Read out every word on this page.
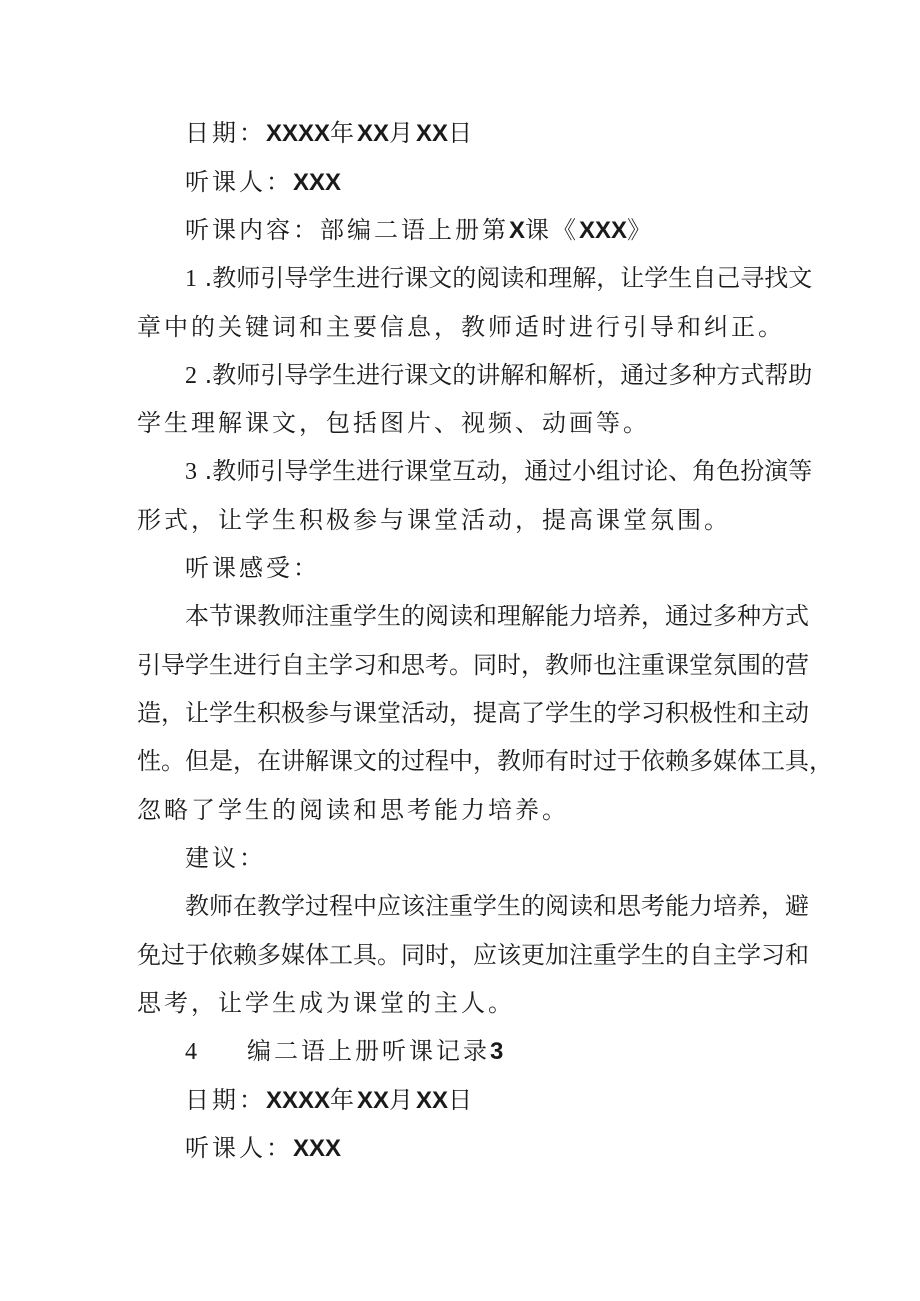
日期：XXXX年XX月XX日
听课人：XXX
听课内容：部编二语上册第X课《XXX》
1 .教师引导学生进行课文的阅读和理解，让学生自己寻找文
章中的关键词和主要信息，教师适时进行引导和纠正。
2 .教师引导学生进行课文的讲解和解析，通过多种方式帮助
学生理解课文，包括图片、视频、动画等。
3 .教师引导学生进行课堂互动，通过小组讨论、角色扮演等
形式，让学生积极参与课堂活动，提高课堂氛围。
听课感受：
本节课教师注重学生的阅读和理解能力培养，通过多种方式
引导学生进行自主学习和思考。同时，教师也注重课堂氛围的营
造，让学生积极参与课堂活动，提高了学生的学习积极性和主动
性。但是，在讲解课文的过程中，教师有时过于依赖多媒体工具，
忽略了学生的阅读和思考能力培养。
建议：
教师在教学过程中应该注重学生的阅读和思考能力培养，避
免过于依赖多媒体工具。同时，应该更加注重学生的自主学习和
思考，让学生成为课堂的主人。
4 编二语上册听课记录3
日期：XXXX年XX月XX日
听课人：XXX
